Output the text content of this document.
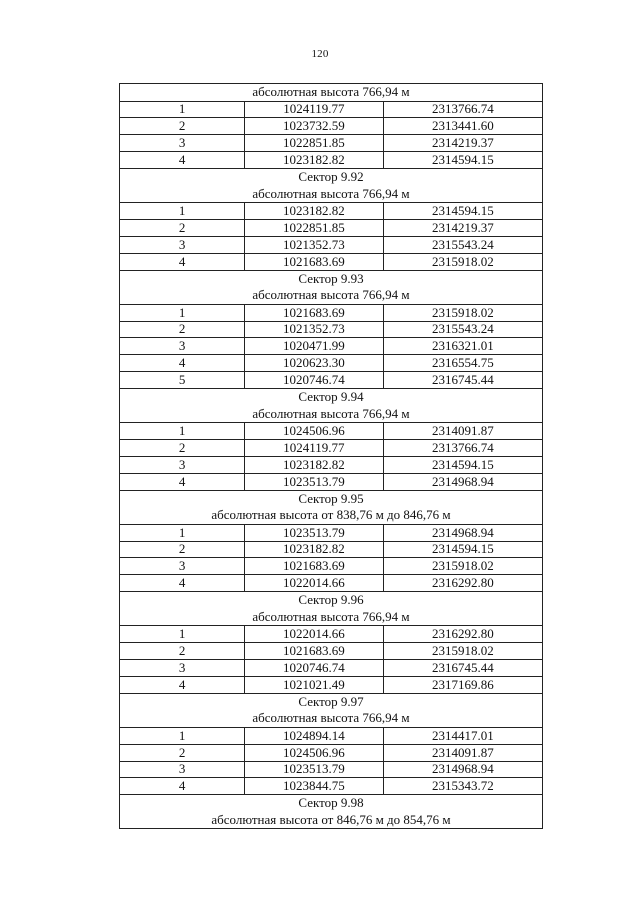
120
абсолютная высота 766,94 м		

1	1024119.77	2313766.74
2	1023732.59	2313441.60
3	1022851.85	2314219.37
4	1023182.82	2314594.15

Сектор 9.92
абсолютная высота 766,94 м		

1	1023182.82	2314594.15
2	1022851.85	2314219.37
3	1021352.73	2315543.24
4	1021683.69	2315918.02

Сектор 9.93
абсолютная высота 766,94 м		

1	1021683.69	2315918.02
2	1021352.73	2315543.24
3	1020471.99	2316321.01
4	1020623.30	2316554.75
5	1020746.74	2316745.44

Сектор 9.94
абсолютная высота 766,94 м		

1	1024506.96	2314091.87
2	1024119.77	2313766.74
3	1023182.82	2314594.15
4	1023513.79	2314968.94

Сектор 9.95
абсолютная высота от 838,76 м до 846,76 м		

1	1023513.79	2314968.94
2	1023182.82	2314594.15
3	1021683.69	2315918.02
4	1022014.66	2316292.80

Сектор 9.96
абсолютная высота 766,94 м		

1	1022014.66	2316292.80
2	1021683.69	2315918.02
3	1020746.74	2316745.44
4	1021021.49	2317169.86

Сектор 9.97
абсолютная высота 766,94 м		

1	1024894.14	2314417.01
2	1024506.96	2314091.87
3	1023513.79	2314968.94
4	1023844.75	2315343.72

Сектор 9.98
абсолютная высота от 846,76 м до 854,76 м		
